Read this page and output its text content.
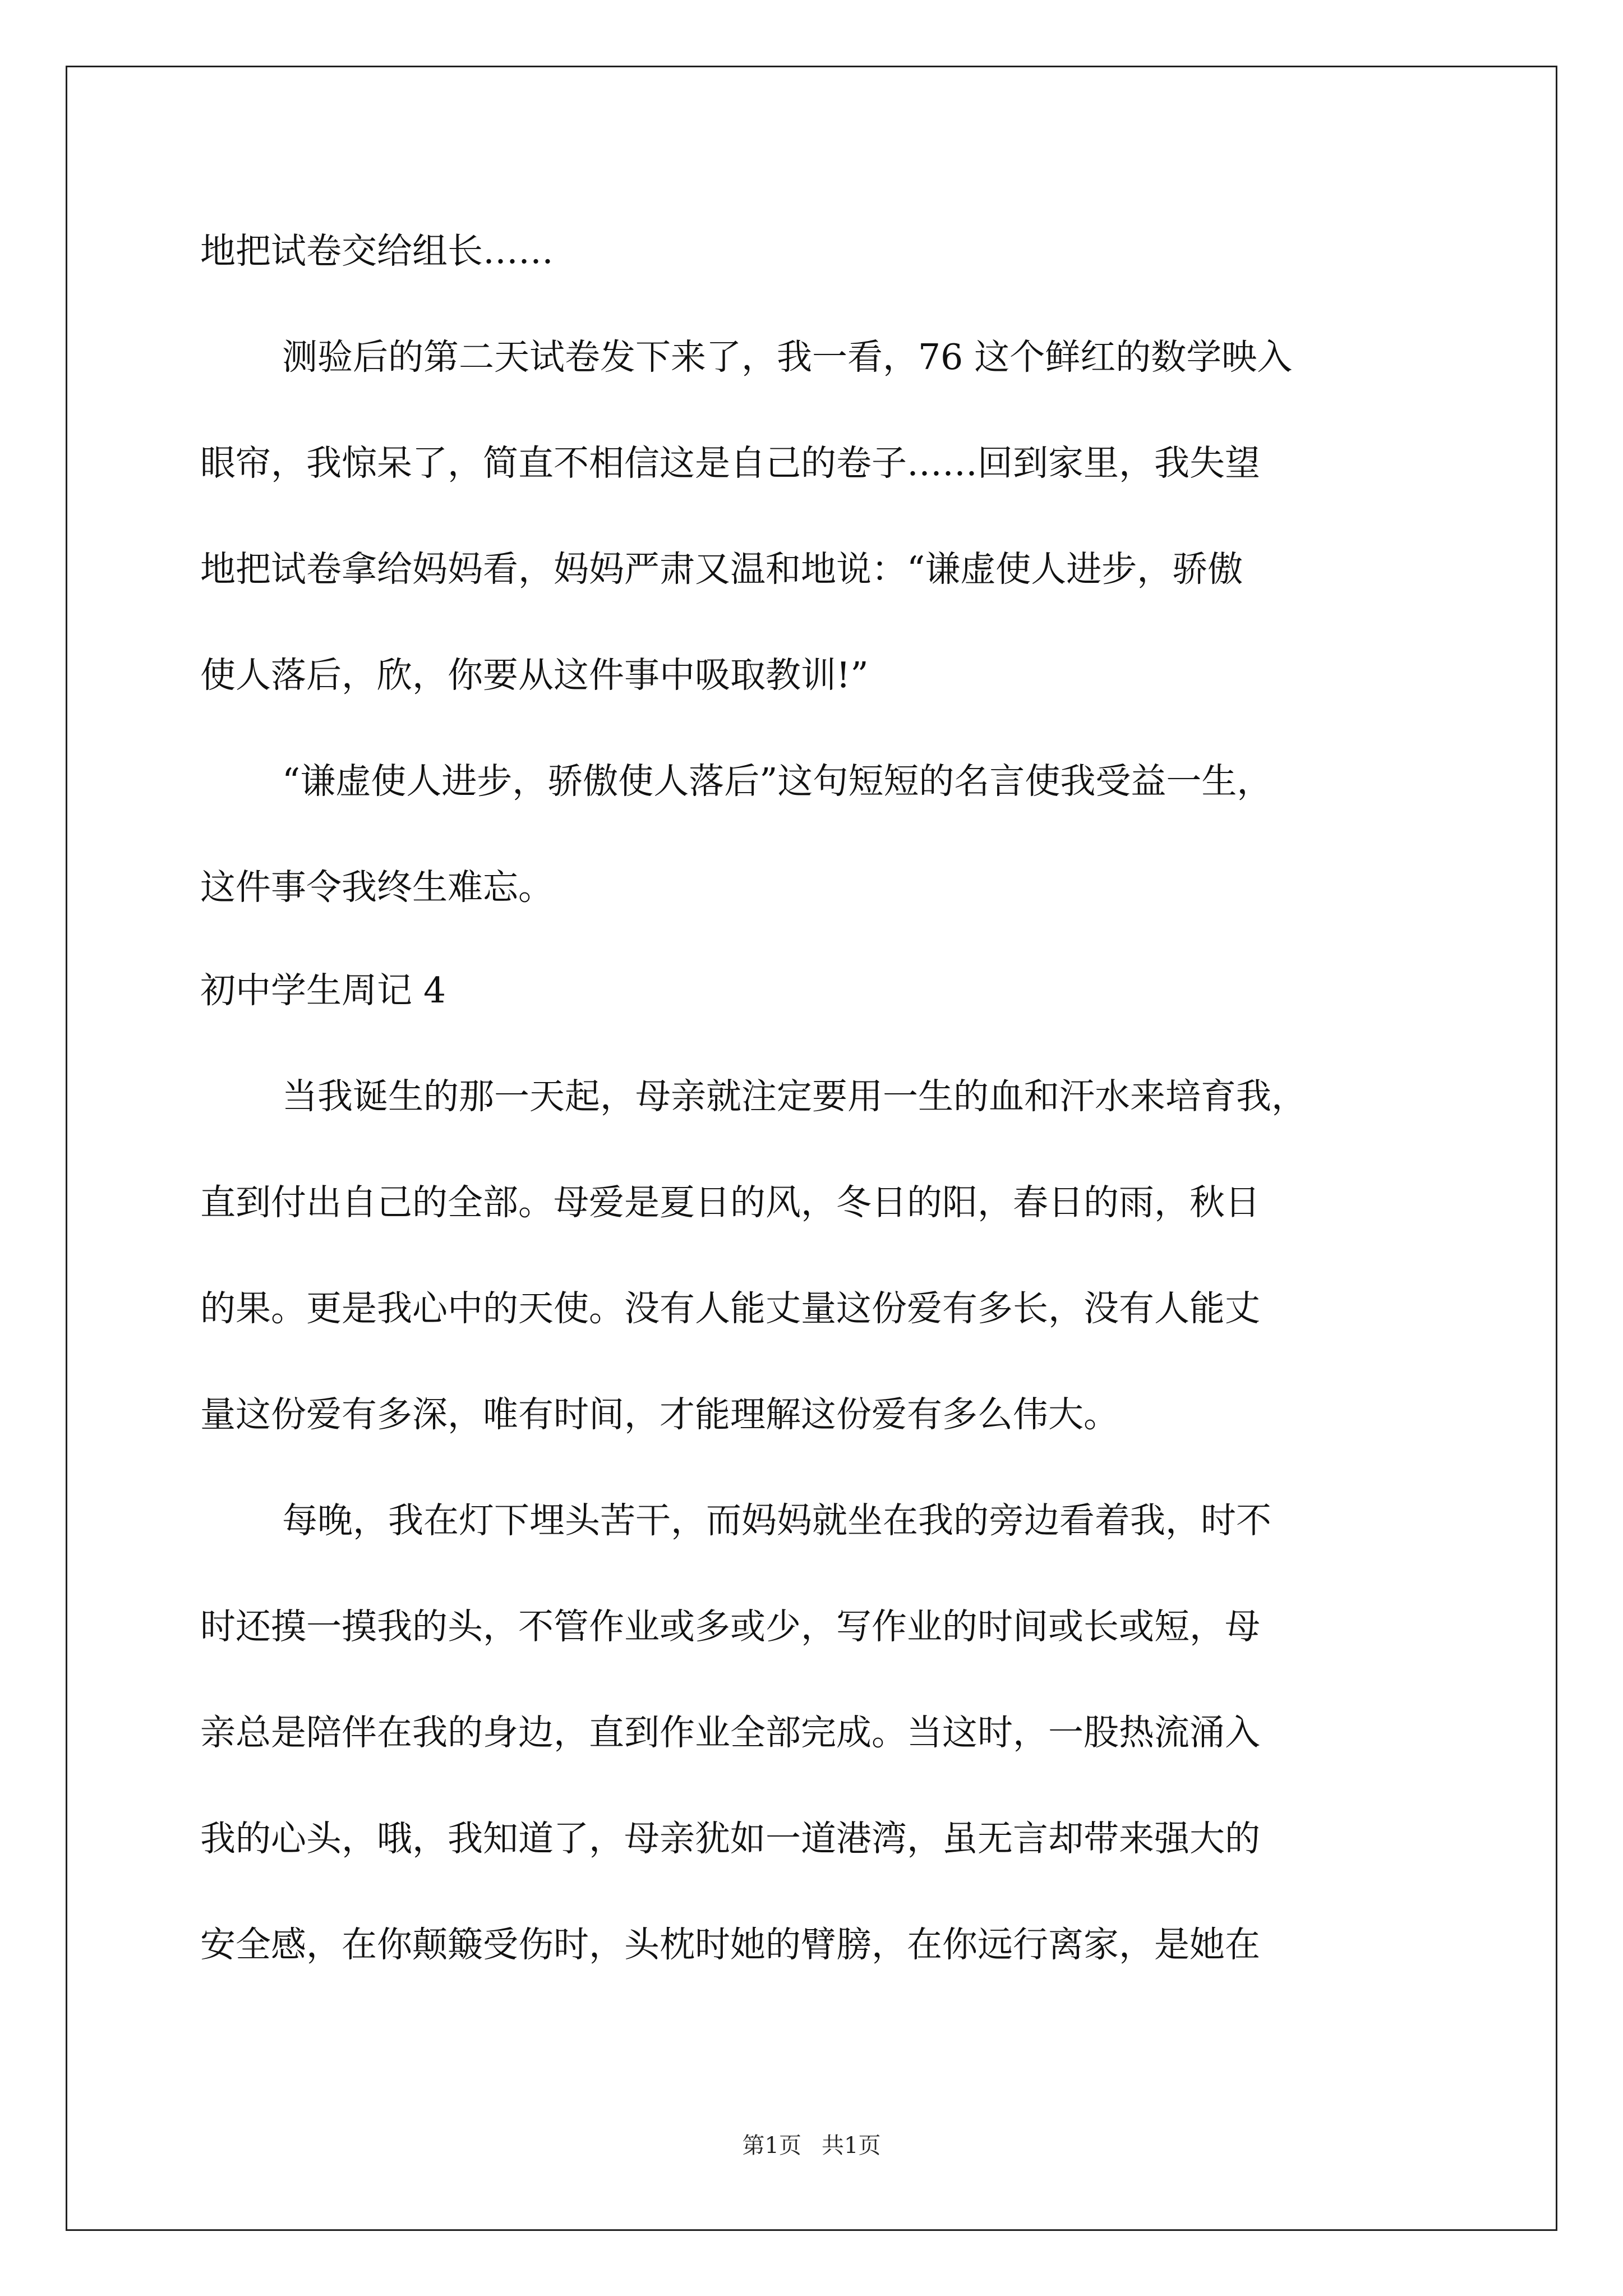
地把试卷交给组长……
测验后的第二天试卷发下来了，我一看，76 这个鲜红的数学映入
眼帘，我惊呆了，简直不相信这是自己的卷子……回到家里，我失望
地把试卷拿给妈妈看，妈妈严肃又温和地说：“谦虚使人进步，骄傲
使人落后，欣，你要从这件事中吸取教训!”
“谦虚使人进步，骄傲使人落后”这句短短的名言使我受益一生，
这件事令我终生难忘。
初中学生周记 4
当我诞生的那一天起，母亲就注定要用一生的血和汗水来培育我，
直到付出自己的全部。母爱是夏日的风，冬日的阳，春日的雨，秋日
的果。更是我心中的天使。没有人能丈量这份爱有多长，没有人能丈
量这份爱有多深，唯有时间，才能理解这份爱有多么伟大。
每晚，我在灯下埋头苦干，而妈妈就坐在我的旁边看着我，时不
时还摸一摸我的头，不管作业或多或少，写作业的时间或长或短，母
亲总是陪伴在我的身边，直到作业全部完成。当这时，一股热流涌入
我的心头，哦，我知道了，母亲犹如一道港湾，虽无言却带来强大的
安全感，在你颠簸受伤时，头枕时她的臂膀，在你远行离家，是她在
第1页 共1页
